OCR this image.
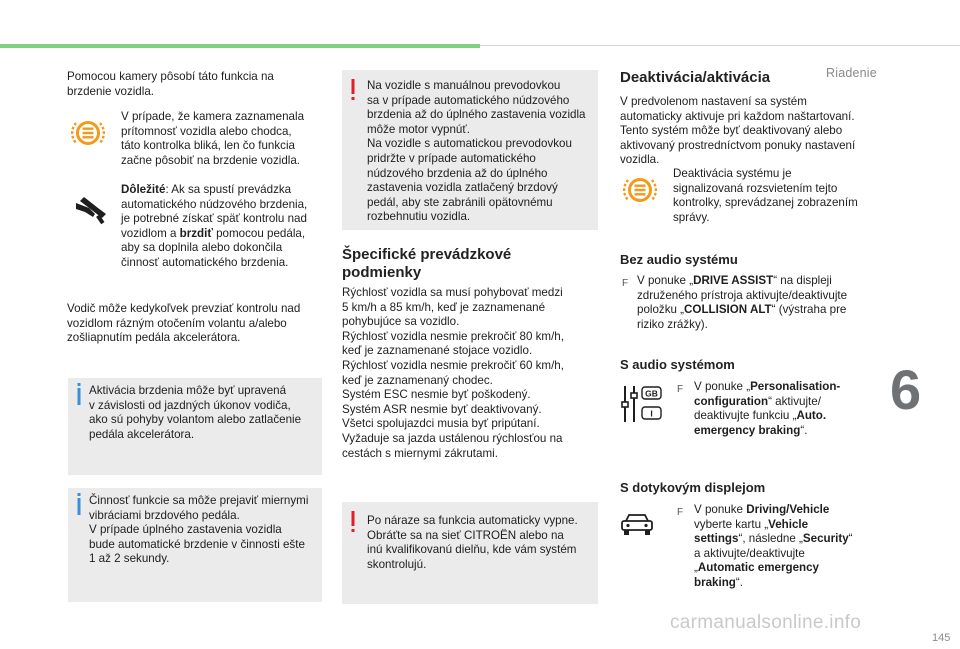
Riadenie
Pomocou kamery pôsobí táto funkcia na
brzdenie vozidla.
V prípade, že kamera zaznamenala
prítomnosť vozidla alebo chodca,
táto kontrolka bliká, len čo funkcia
začne pôsobiť na brzdenie vozidla.
Dôležité: Ak sa spustí prevádzka
automatického núdzového brzdenia,
je potrebné získať späť kontrolu nad
vozidlom a brzdiť pomocou pedála,
aby sa doplnila alebo dokončila
činnosť automatického brzdenia.
Vodič môže kedykoľvek prevziať kontrolu nad
vozidlom rázným otočením volantu a/alebo
zošliapnutím pedála akcelerátora.
Aktivácia brzdenia môže byť upravená
v závislosti od jazdných úkonov vodiča,
ako sú pohyby volantom alebo zatlačenie
pedála akcelerátora.
Činnosť funkcie sa môže prejaviť miernymi
vibráciami brzdového pedála.
V prípade úplného zastavenia vozidla
bude automatické brzdenie v činnosti ešte
1 až 2 sekundy.
Na vozidle s manuálnou prevodovkou
sa v prípade automatického núdzového
brzdenia až do úplného zastavenia vozidla
môže motor vypnúť.
Na vozidle s automatickou prevodovkou
pridržte v prípade automatického
núdzového brzdenia až do úplného
zastavenia vozidla zatlačený brzdový
pedál, aby ste zabránili opätovnému
rozbehnutiu vozidla.
Špecifické prevádzkové
podmienky
Rýchlosť vozidla sa musí pohybovať medzi
5 km/h a 85 km/h, keď je zaznamenané
pohybujúce sa vozidlo.
Rýchlosť vozidla nesmie prekročiť 80 km/h,
keď je zaznamenané stojace vozidlo.
Rýchlosť vozidla nesmie prekročiť 60 km/h,
keď je zaznamenaný chodec.
Systém ESC nesmie byť poškodený.
Systém ASR nesmie byť deaktivovaný.
Všetci spolujazdci musia byť pripútaní.
Vyžaduje sa jazda ustálenou rýchlosťou na
cestách s miernymi zákrutami.
Po náraze sa funkcia automaticky vypne.
Obráťte sa na sieť CITROËN alebo na
inú kvalifikovanú dielňu, kde vám systém
skontrolujú.
Deaktivácia/aktivácia
V predvolenom nastavení sa systém
automaticky aktivuje pri každom naštartovaní.
Tento systém môže byť deaktivovaný alebo
aktivovaný prostredníctvom ponuky nastavení
vozidla.
Deaktivácia systému je
signalizovaná rozsvietením tejto
kontrolky, sprevádzanej zobrazením
správy.
Bez audio systému
F V ponuke „DRIVE ASSIST“ na displeji
združeného prístroja aktivujte/deaktivujte
položku „COLLISION ALT“ (výstraha pre
riziko zrážky).
S audio systémom
GB
I
F V ponuke „Personalisation-
configuration“ aktivujte/
deaktivujte funkciu „Auto.
emergency braking“.
S dotykovým displejom
F V ponuke Driving/Vehicle
vyberte kartu „Vehicle
settings“, následne „Security“
a aktivujte/deaktivujte
„Automatic emergency
braking“.
6
carmanualsonline.info
145
